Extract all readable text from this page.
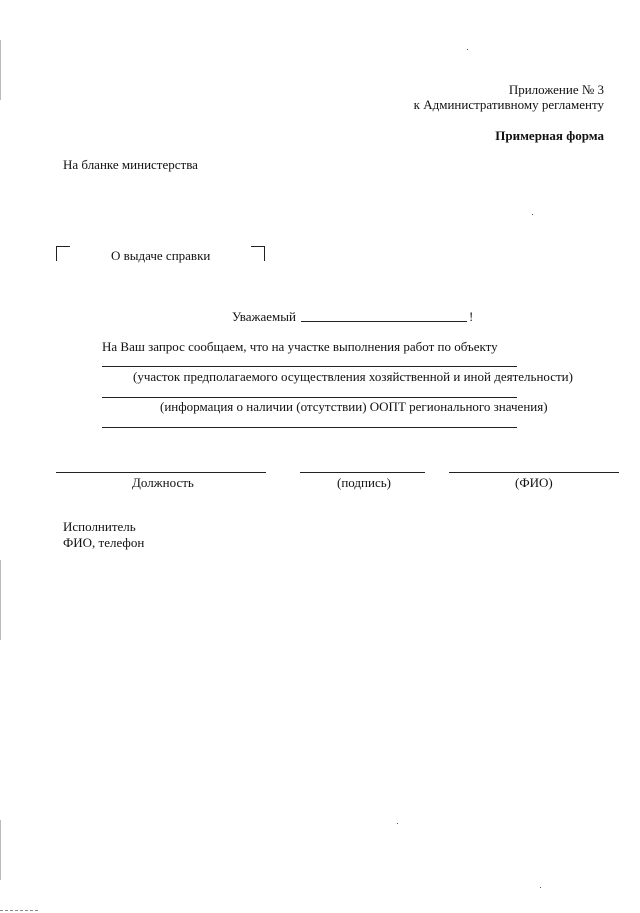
Приложение № 3
к Административному регламенту
Примерная форма
На бланке министерства
О выдаче справки
Уважаемый	!
На Ваш запрос сообщаем, что на участке выполнения работ по объекту
(участок предполагаемого осуществления хозяйственной и иной деятельности)
(информация о наличии (отсутствии) ООПТ регионального значения)
Должность	(подпись)	(ФИО)
Исполнитель
ФИО, телефон
